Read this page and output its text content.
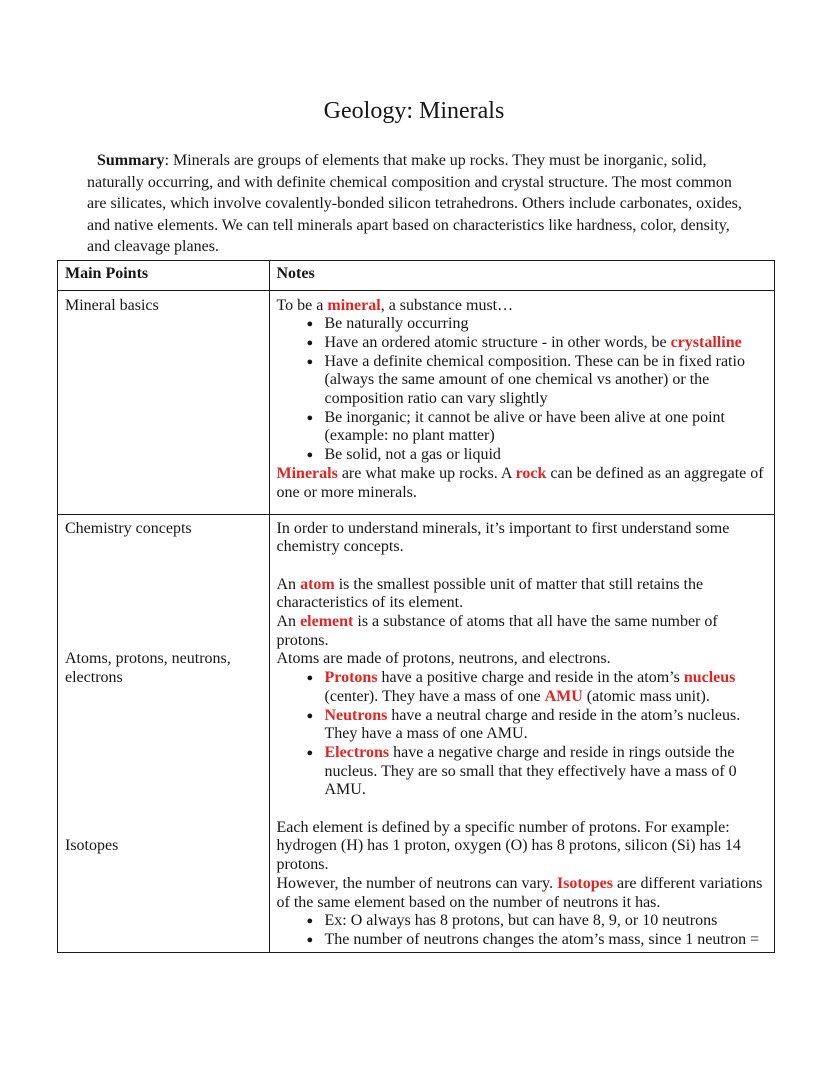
Geology: Minerals

Summary: Minerals are groups of elements that make up rocks. They must be inorganic, solid, naturally occurring, and with definite chemical composition and crystal structure. The most common are silicates, which involve covalently-bonded silicon tetrahedrons. Others include carbonates, oxides, and native elements. We can tell minerals apart based on characteristics like hardness, color, density, and cleavage planes.

Main Points	Notes
Mineral basics	To be a mineral, a substance must…
● Be naturally occurring
● Have an ordered atomic structure - in other words, be crystalline
● Have a definite chemical composition. These can be in fixed ratio (always the same amount of one chemical vs another) or the composition ratio can vary slightly
● Be inorganic; it cannot be alive or have been alive at one point (example: no plant matter)
● Be solid, not a gas or liquid
Minerals are what make up rocks. A rock can be defined as an aggregate of one or more minerals.
Chemistry concepts
Atoms, protons, neutrons, electrons
Isotopes
In order to understand minerals, it’s important to first understand some chemistry concepts.
An atom is the smallest possible unit of matter that still retains the characteristics of its element.
An element is a substance of atoms that all have the same number of protons.
Atoms are made of protons, neutrons, and electrons.
● Protons have a positive charge and reside in the atom’s nucleus (center). They have a mass of one AMU (atomic mass unit).
● Neutrons have a neutral charge and reside in the atom’s nucleus. They have a mass of one AMU.
● Electrons have a negative charge and reside in rings outside the nucleus. They are so small that they effectively have a mass of 0 AMU.
Each element is defined by a specific number of protons. For example: hydrogen (H) has 1 proton, oxygen (O) has 8 protons, silicon (Si) has 14 protons.
However, the number of neutrons can vary. Isotopes are different variations of the same element based on the number of neutrons it has.
● Ex: O always has 8 protons, but can have 8, 9, or 10 neutrons
● The number of neutrons changes the atom’s mass, since 1 neutron =
